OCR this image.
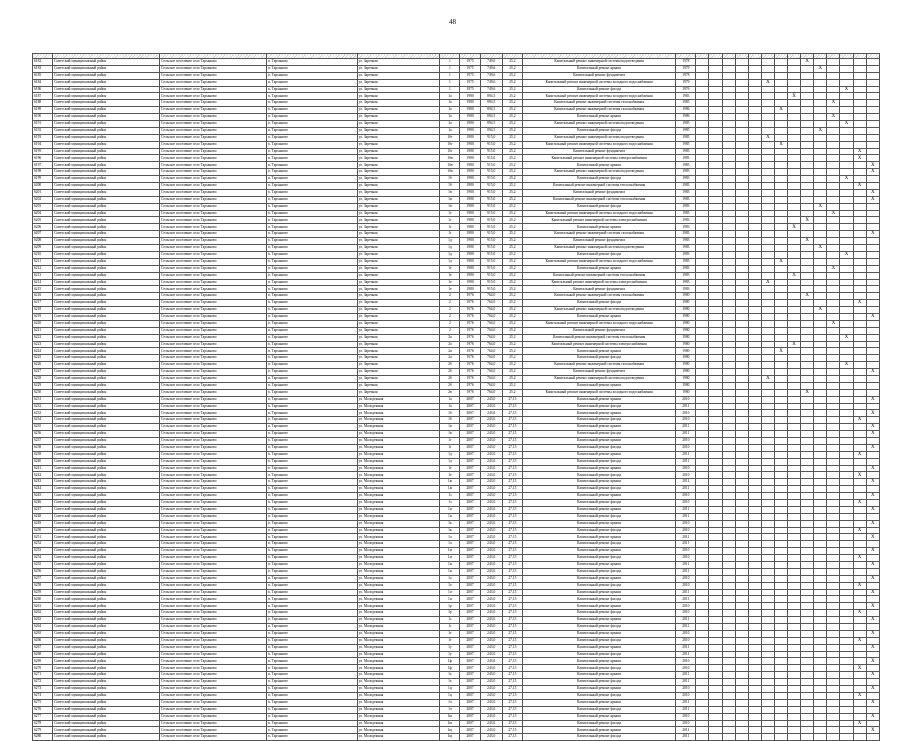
48

6182	Советский муниципальный район	Сельское поселение село Тарханово	п. Тарханово	ул. Заречная	1	1975	749,6	25,2	Капитальный ремонт инженерной системы водоотведения	1978									X					
6183	Советский муниципальный район	Сельское поселение село Тарханово	п. Тарханово	ул. Заречная	1	1975	749,6	25,2	Капитальный ремонт крыши	1979										X				
6185	Советский муниципальный район	Сельское поселение село Тарханово	п. Тарханово	ул. Заречная	1	1975	749,6	25,2	Капитальный ремонт фундамента	1978														
6184	Советский муниципальный район	Сельское поселение село Тарханово	п. Тарханово	ул. Заречная	1	1975	749,6	25,2	Капитальный ремонт инженерной системы холодного водоснабжения	1979						X								
6186	Советский муниципальный район	Сельское поселение село Тарханово	п. Тарханово	ул. Заречная	1	1975	749,6	25,2	Капитальный ремонт фасада	1976												X		
6187	Советский муниципальный район	Сельское поселение село Тарханово	п. Тарханово	ул. Заречная	1а	1980	894,5	25,2	Капитальный ремонт инженерной системы холодного водоснабжения	1983								X						
6188	Советский муниципальный район	Сельское поселение село Тарханово	п. Тарханово	ул. Заречная	1а	1980	894,5	25,2	Капитальный ремонт инженерной системы газоснабжения	1985											X			
6189	Советский муниципальный район	Сельское поселение село Тарханово	п. Тарханово	ул. Заречная	1а	1980	894,5	25,2	Капитальный ремонт инженерной системы газоснабжения	1986							X							
6190	Советский муниципальный район	Сельское поселение село Тарханово	п. Тарханово	ул. Заречная	1а	1980	894,5	25,2	Капитальный ремонт крыши	1986											X			
6191	Советский муниципальный район	Сельское поселение село Тарханово	п. Тарханово	ул. Заречная	1а	1980	894,5	25,2	Капитальный ремонт инженерной системы водоотведения	1985												X		
6192	Советский муниципальный район	Сельское поселение село Тарханово	п. Тарханово	ул. Заречная	1а	1980	894,5	25,2	Капитальный ремонт фасада	1985										X				
6193	Советский муниципальный район	Сельское поселение село Тарханово	п. Тарханово	ул. Заречная	1бг	1980	915,0	25,2	Капитальный ремонт инженерной системы водоотведения	1985						X								
6194	Советский муниципальный район	Сельское поселение село Тарханово	п. Тарханово	ул. Заречная	1бг	1980	915,0	25,2	Капитальный ремонт инженерной системы холодного водоснабжения	1985							X							
6195	Советский муниципальный район	Сельское поселение село Тарханово	п. Тарханово	ул. Заречная	1бг	1980	915,0	25,2	Капитальный ремонт фундамента	1983													X	
6196	Советский муниципальный район	Сельское поселение село Тарханово	п. Тарханово	ул. Заречная	1бв	1980	915,0	25,2	Капитальный ремонт инженерной системы электроснабжения	1983													X	
6197	Советский муниципальный район	Сельское поселение село Тарханово	п. Тарханово	ул. Заречная	1бв	1980	915,0	25,2	Капитальный ремонт крыши	1983														X
6198	Советский муниципальный район	Сельское поселение село Тарханово	п. Тарханово	ул. Заречная	1бв	1980	915,0	25,2	Капитальный ремонт инженерной системы водоотведения	1983														X
6199	Советский муниципальный район	Сельское поселение село Тарханово	п. Тарханово	ул. Заречная	1б	1980	915,0	25,2	Капитальный ремонт фасада	1983												X		
6200	Советский муниципальный район	Сельское поселение село Тарханово	п. Тарханово	ул. Заречная	1б	1980	915,0	25,2	Капитальный ремонт инженерной системы теплоснабжения	1983													X	
6201	Советский муниципальный район	Сельское поселение село Тарханово	п. Тарханово	ул. Заречная	1в	1980	915,0	25,2	Капитальный ремонт фундамента	1983														X
6202	Советский муниципальный район	Сельское поселение село Тарханово	п. Тарханово	ул. Заречная	1в	1980	915,0	25,2	Капитальный ремонт инженерной системы теплоснабжения	1983														X
6203	Советский муниципальный район	Сельское поселение село Тарханово	п. Тарханово	ул. Заречная	1в	1980	915,0	25,2	Капитальный ремонт фасада	1983										X				
6204	Советский муниципальный район	Сельское поселение село Тарханово	п. Тарханово	ул. Заречная	1г	1980	915,0	25,2	Капитальный ремонт инженерной системы холодного водоснабжения	1983											X			
6205	Советский муниципальный район	Сельское поселение село Тарханово	п. Тарханово	ул. Заречная	1г	1980	915,0	25,2	Капитальный ремонт инженерной системы электроснабжения	1983									X					
6206	Советский муниципальный район	Сельское поселение село Тарханово	п. Тарханово	ул. Заречная	1г	1980	915,0	25,2	Капитальный ремонт крыши	1983								X						
6207	Советский муниципальный район	Сельское поселение село Тарханово	п. Тарханово	ул. Заречная	1г	1980	915,0	25,2	Капитальный ремонт инженерной системы газоснабжения	1983														X
6208	Советский муниципальный район	Сельское поселение село Тарханово	п. Тарханово	ул. Заречная	1д	1980	915,0	25,2	Капитальный ремонт фундамента	1983									X					
6209	Советский муниципальный район	Сельское поселение село Тарханово	п. Тарханово	ул. Заречная	1д	1980	915,0	25,2	Капитальный ремонт инженерной системы водоотведения	1983										X				
6210	Советский муниципальный район	Сельское поселение село Тарханово	п. Тарханово	ул. Заречная	1д	1980	915,0	25,2	Капитальный ремонт фасада	1983												X		
6211	Советский муниципальный район	Сельское поселение село Тарханово	п. Тарханово	ул. Заречная	1д	1980	915,0	25,2	Капитальный ремонт инженерной системы холодного водоснабжения	1983							X							
6212	Советский муниципальный район	Сельское поселение село Тарханово	п. Тарханово	ул. Заречная	1е	1980	915,0	25,2	Капитальный ремонт крыши	1983											X			
6213	Советский муниципальный район	Сельское поселение село Тарханово	п. Тарханово	ул. Заречная	1е	1980	915,0	25,2	Капитальный ремонт инженерной системы теплоснабжения	1983								X						
6214	Советский муниципальный район	Сельское поселение село Тарханово	п. Тарханово	ул. Заречная	1е	1980	915,0	25,2	Капитальный ремонт инженерной системы электроснабжения	1983						X								
6215	Советский муниципальный район	Сельское поселение село Тарханово	п. Тарханово	ул. Заречная	1е	1980	915,0	25,2	Капитальный ремонт фундамента	1983														
6216	Советский муниципальный район	Сельское поселение село Тарханово	п. Тарханово	ул. Заречная	2	1976	764,0	25,2	Капитальный ремонт инженерной системы газоснабжения	1980									X					
6217	Советский муниципальный район	Сельское поселение село Тарханово	п. Тарханово	ул. Заречная	2	1976	764,0	25,2	Капитальный ремонт фасада	1980													X	
6218	Советский муниципальный район	Сельское поселение село Тарханово	п. Тарханово	ул. Заречная	2	1976	764,0	25,2	Капитальный ремонт инженерной системы водоотведения	1980										X				
6219	Советский муниципальный район	Сельское поселение село Тарханово	п. Тарханово	ул. Заречная	2	1976	764,0	25,2	Капитальный ремонт крыши	1980														X
6220	Советский муниципальный район	Сельское поселение село Тарханово	п. Тарханово	ул. Заречная	2	1976	764,0	25,2	Капитальный ремонт инженерной системы холодного водоснабжения	1980											X			
6221	Советский муниципальный район	Сельское поселение село Тарханово	п. Тарханово	ул. Заречная	2	1976	764,0	25,2	Капитальный ремонт фундамента	1980														
6222	Советский муниципальный район	Сельское поселение село Тарханово	п. Тарханово	ул. Заречная	2а	1976	764,0	25,2	Капитальный ремонт инженерной системы теплоснабжения	1980												X		
6223	Советский муниципальный район	Сельское поселение село Тарханово	п. Тарханово	ул. Заречная	2а	1976	764,0	25,2	Капитальный ремонт инженерной системы электроснабжения	1980								X						
6224	Советский муниципальный район	Сельское поселение село Тарханово	п. Тарханово	ул. Заречная	2а	1976	764,0	25,2	Капитальный ремонт крыши	1980							X							
6225	Советский муниципальный район	Сельское поселение село Тарханово	п. Тарханово	ул. Заречная	2а	1976	764,0	25,2	Капитальный ремонт фасада	1980														
6226	Советский муниципальный район	Сельское поселение село Тарханово	п. Тарханово	ул. Заречная	2б	1976	764,0	25,2	Капитальный ремонт инженерной системы газоснабжения	1980												X		
6227	Советский муниципальный район	Сельское поселение село Тарханово	п. Тарханово	ул. Заречная	2б	1976	764,0	25,2	Капитальный ремонт фундамента	1980														X
6228	Советский муниципальный район	Сельское поселение село Тарханово	п. Тарханово	ул. Заречная	2б	1976	764,0	25,2	Капитальный ремонт инженерной системы водоотведения	1980						X								
6229	Советский муниципальный район	Сельское поселение село Тарханово	п. Тарханово	ул. Заречная	2б	1976	764,0	25,2	Капитальный ремонт крыши	1980														
6230	Советский муниципальный район	Сельское поселение село Тарханово	п. Тарханово	ул. Заречная	2в	1976	764,0	25,2	Капитальный ремонт инженерной системы холодного водоснабжения	1980									X					
6231	Советский муниципальный район	Сельское поселение село Тарханово	п. Тарханово	ул. Молодежная	1а	2007	243,0	27,15	Капитальный ремонт крыши	2010														X
6232	Советский муниципальный район	Сельское поселение село Тарханово	п. Тарханово	ул. Молодежная	1а	2007	243,0	27,15	Капитальный ремонт фасада	2011														
6233	Советский муниципальный район	Сельское поселение село Тарханово	п. Тарханово	ул. Молодежная	1б	2007	243,0	27,15	Капитальный ремонт крыши	2010														X
6234	Советский муниципальный район	Сельское поселение село Тарханово	п. Тарханово	ул. Молодежная	1б	2007	243,0	27,15	Капитальный ремонт фасада	2010													X	
6235	Советский муниципальный район	Сельское поселение село Тарханово	п. Тарханово	ул. Молодежная	1в	2007	243,0	27,15	Капитальный ремонт крыши	2011														X
6236	Советский муниципальный район	Сельское поселение село Тарханово	п. Тарханово	ул. Молодежная	1в	2007	243,0	27,15	Капитальный ремонт фасада	2011														X
6237	Советский муниципальный район	Сельское поселение село Тарханово	п. Тарханово	ул. Молодежная	1г	2007	243,0	27,15	Капитальный ремонт крыши	2010														
6238	Советский муниципальный район	Сельское поселение село Тарханово	п. Тарханово	ул. Молодежная	1г	2007	243,0	27,15	Капитальный ремонт фасада	2010														X
6239	Советский муниципальный район	Сельское поселение село Тарханово	п. Тарханово	ул. Молодежная	1д	2007	243,0	27,15	Капитальный ремонт крыши	2011													X	
6240	Советский муниципальный район	Сельское поселение село Тарханово	п. Тарханово	ул. Молодежная	1д	2007	243,0	27,15	Капитальный ремонт фасада	2011														
6241	Советский муниципальный район	Сельское поселение село Тарханово	п. Тарханово	ул. Молодежная	1е	2007	243,0	27,15	Капитальный ремонт крыши	2010														X
6242	Советский муниципальный район	Сельское поселение село Тарханово	п. Тарханово	ул. Молодежная	1е	2007	243,0	27,15	Капитальный ремонт фасада	2010													X	
6243	Советский муниципальный район	Сельское поселение село Тарханово	п. Тарханово	ул. Молодежная	1ж	2007	243,0	27,15	Капитальный ремонт крыши	2011														X
6244	Советский муниципальный район	Сельское поселение село Тарханово	п. Тарханово	ул. Молодежная	1ж	2007	243,0	27,15	Капитальный ремонт фасада	2011														
6245	Советский муниципальный район	Сельское поселение село Тарханово	п. Тарханово	ул. Молодежная	1з	2007	243,0	27,15	Капитальный ремонт крыши	2010														X
6246	Советский муниципальный район	Сельское поселение село Тарханово	п. Тарханово	ул. Молодежная	1з	2007	243,0	27,15	Капитальный ремонт фасада	2010													X	
6247	Советский муниципальный район	Сельское поселение село Тарханово	п. Тарханово	ул. Молодежная	1и	2007	243,0	27,15	Капитальный ремонт крыши	2011														X
6248	Советский муниципальный район	Сельское поселение село Тарханово	п. Тарханово	ул. Молодежная	1и	2007	243,0	27,15	Капитальный ремонт фасада	2011														
6249	Советский муниципальный район	Сельское поселение село Тарханово	п. Тарханово	ул. Молодежная	1к	2007	243,0	27,15	Капитальный ремонт крыши	2010														X
6250	Советский муниципальный район	Сельское поселение село Тарханово	п. Тарханово	ул. Молодежная	1к	2007	243,0	27,15	Капитальный ремонт фасада	2010													X	
6251	Советский муниципальный район	Сельское поселение село Тарханово	п. Тарханово	ул. Молодежная	1л	2007	243,0	27,15	Капитальный ремонт крыши	2011														X
6252	Советский муниципальный район	Сельское поселение село Тарханово	п. Тарханово	ул. Молодежная	1л	2007	243,0	27,15	Капитальный ремонт фасада	2011														
6253	Советский муниципальный район	Сельское поселение село Тарханово	п. Тарханово	ул. Молодежная	1м	2007	243,0	27,15	Капитальный ремонт крыши	2010														X
6254	Советский муниципальный район	Сельское поселение село Тарханово	п. Тарханово	ул. Молодежная	1м	2007	243,0	27,15	Капитальный ремонт фасада	2010													X	
6255	Советский муниципальный район	Сельское поселение село Тарханово	п. Тарханово	ул. Молодежная	1н	2007	243,0	27,15	Капитальный ремонт крыши	2011														X
6256	Советский муниципальный район	Сельское поселение село Тарханово	п. Тарханово	ул. Молодежная	1н	2007	243,0	27,15	Капитальный ремонт фасада	2011														
6257	Советский муниципальный район	Сельское поселение село Тарханово	п. Тарханово	ул. Молодежная	1о	2007	243,0	27,15	Капитальный ремонт крыши	2010														X
6258	Советский муниципальный район	Сельское поселение село Тарханово	п. Тарханово	ул. Молодежная	1о	2007	243,0	27,15	Капитальный ремонт фасада	2010													X	
6259	Советский муниципальный район	Сельское поселение село Тарханово	п. Тарханово	ул. Молодежная	1п	2007	243,0	27,15	Капитальный ремонт крыши	2011														X
6260	Советский муниципальный район	Сельское поселение село Тарханово	п. Тарханово	ул. Молодежная	1п	2007	243,0	27,15	Капитальный ремонт фасада	2011														
6261	Советский муниципальный район	Сельское поселение село Тарханово	п. Тарханово	ул. Молодежная	1р	2007	243,0	27,15	Капитальный ремонт крыши	2010														X
6262	Советский муниципальный район	Сельское поселение село Тарханово	п. Тарханово	ул. Молодежная	1р	2007	243,0	27,15	Капитальный ремонт фасада	2010													X	
6263	Советский муниципальный район	Сельское поселение село Тарханово	п. Тарханово	ул. Молодежная	1с	2007	243,0	27,15	Капитальный ремонт крыши	2011														X
6264	Советский муниципальный район	Сельское поселение село Тарханово	п. Тарханово	ул. Молодежная	1с	2007	243,0	27,15	Капитальный ремонт фасада	2011														
6265	Советский муниципальный район	Сельское поселение село Тарханово	п. Тарханово	ул. Молодежная	1т	2007	243,0	27,15	Капитальный ремонт крыши	2010														X
6266	Советский муниципальный район	Сельское поселение село Тарханово	п. Тарханово	ул. Молодежная	1т	2007	243,0	27,15	Капитальный ремонт фасада	2010													X	
6267	Советский муниципальный район	Сельское поселение село Тарханово	п. Тарханово	ул. Молодежная	1у	2007	243,0	27,15	Капитальный ремонт крыши	2011														X
6268	Советский муниципальный район	Сельское поселение село Тарханово	п. Тарханово	ул. Молодежная	1у	2007	243,0	27,15	Капитальный ремонт фасада	2011														
6269	Советский муниципальный район	Сельское поселение село Тарханово	п. Тарханово	ул. Молодежная	1ф	2007	243,0	27,15	Капитальный ремонт крыши	2010														X
6270	Советский муниципальный район	Сельское поселение село Тарханово	п. Тарханово	ул. Молодежная	1ф	2007	243,0	27,15	Капитальный ремонт фасада	2010													X	
6271	Советский муниципальный район	Сельское поселение село Тарханово	п. Тарханово	ул. Молодежная	1х	2007	243,0	27,15	Капитальный ремонт крыши	2011														X
6272	Советский муниципальный район	Сельское поселение село Тарханово	п. Тарханово	ул. Молодежная	1х	2007	243,0	27,15	Капитальный ремонт фасада	2011														
6273	Советский муниципальный район	Сельское поселение село Тарханово	п. Тарханово	ул. Молодежная	1ц	2007	243,0	27,15	Капитальный ремонт крыши	2010														X
6274	Советский муниципальный район	Сельское поселение село Тарханово	п. Тарханово	ул. Молодежная	1ц	2007	243,0	27,15	Капитальный ремонт фасада	2010													X	
6275	Советский муниципальный район	Сельское поселение село Тарханово	п. Тарханово	ул. Молодежная	1ч	2007	243,0	27,15	Капитальный ремонт крыши	2011														X
6276	Советский муниципальный район	Сельское поселение село Тарханово	п. Тарханово	ул. Молодежная	1ч	2007	243,0	27,15	Капитальный ремонт фасада	2011														
6277	Советский муниципальный район	Сельское поселение село Тарханово	п. Тарханово	ул. Молодежная	1ш	2007	243,0	27,15	Капитальный ремонт крыши	2010														X
6278	Советский муниципальный район	Сельское поселение село Тарханово	п. Тарханово	ул. Молодежная	1ш	2007	243,0	27,15	Капитальный ремонт фасада	2010													X	
6279	Советский муниципальный район	Сельское поселение село Тарханово	п. Тарханово	ул. Молодежная	1щ	2007	243,0	27,15	Капитальный ремонт крыши	2011														X
6280	Советский муниципальный район	Сельское поселение село Тарханово	п. Тарханово	ул. Молодежная	1щ	2007	243,0	27,15	Капитальный ремонт фасада	2011														
